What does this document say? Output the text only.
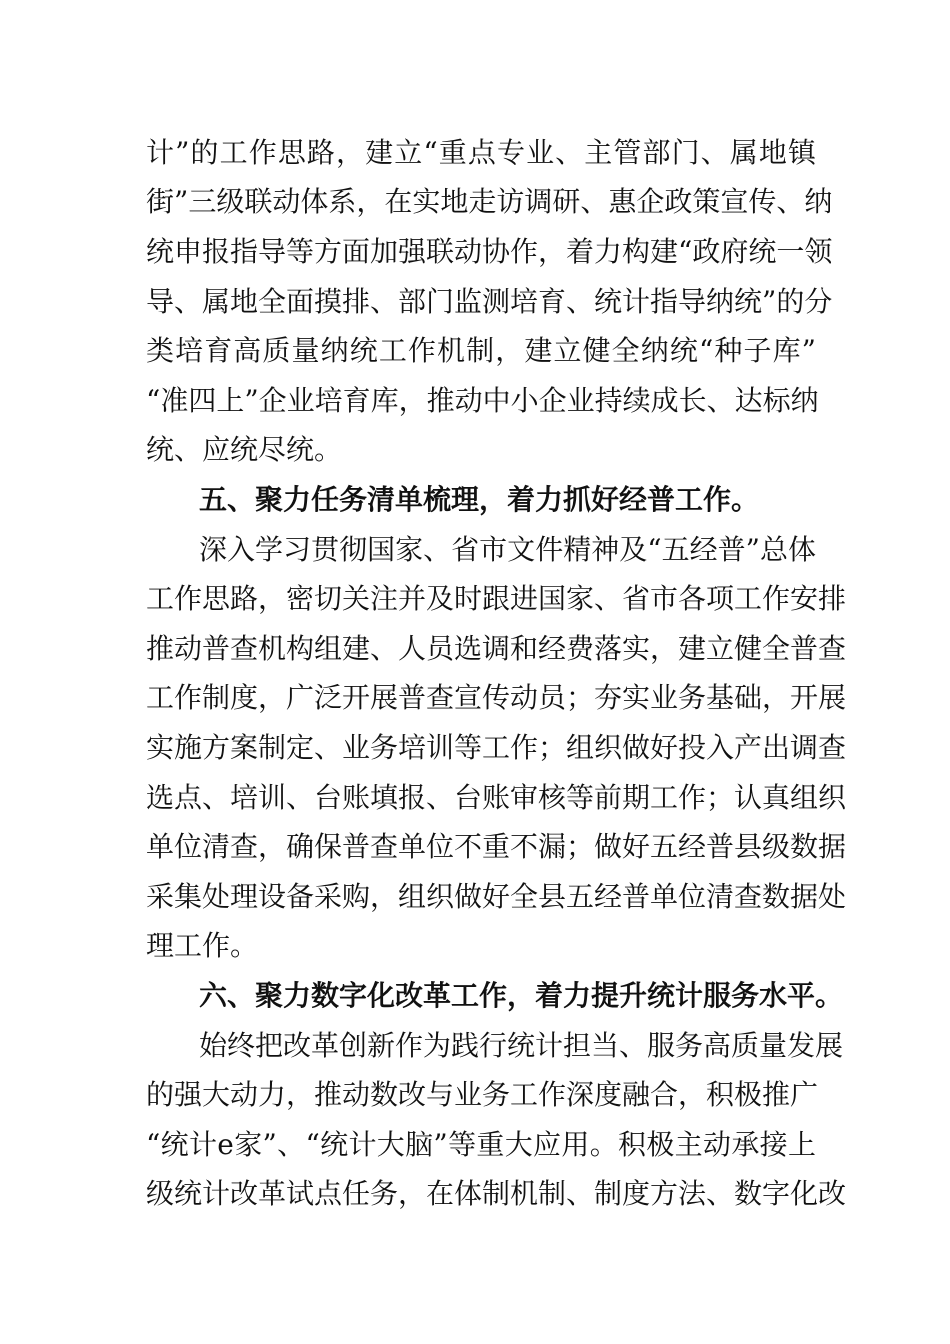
计”的工作思路，建立“重点专业、主管部门、属地镇
街”三级联动体系，在实地走访调研、惠企政策宣传、纳
统申报指导等方面加强联动协作，着力构建“政府统一领
导、属地全面摸排、部门监测培育、统计指导纳统”的分
类培育高质量纳统工作机制，建立健全纳统“种子库”
“准四上”企业培育库，推动中小企业持续成长、达标纳
统、应统尽统。
五、聚力任务清单梳理，着力抓好经普工作。
深入学习贯彻国家、省市文件精神及“五经普”总体
工作思路，密切关注并及时跟进国家、省市各项工作安排
推动普查机构组建、人员选调和经费落实，建立健全普查
工作制度，广泛开展普查宣传动员；夯实业务基础，开展
实施方案制定、业务培训等工作；组织做好投入产出调查
选点、培训、台账填报、台账审核等前期工作；认真组织
单位清查，确保普查单位不重不漏；做好五经普县级数据
采集处理设备采购，组织做好全县五经普单位清查数据处
理工作。
六、聚力数字化改革工作，着力提升统计服务水平。
始终把改革创新作为践行统计担当、服务高质量发展
的强大动力，推动数改与业务工作深度融合，积极推广
“统计e家”、“统计大脑”等重大应用。积极主动承接上
级统计改革试点任务，在体制机制、制度方法、数字化改
